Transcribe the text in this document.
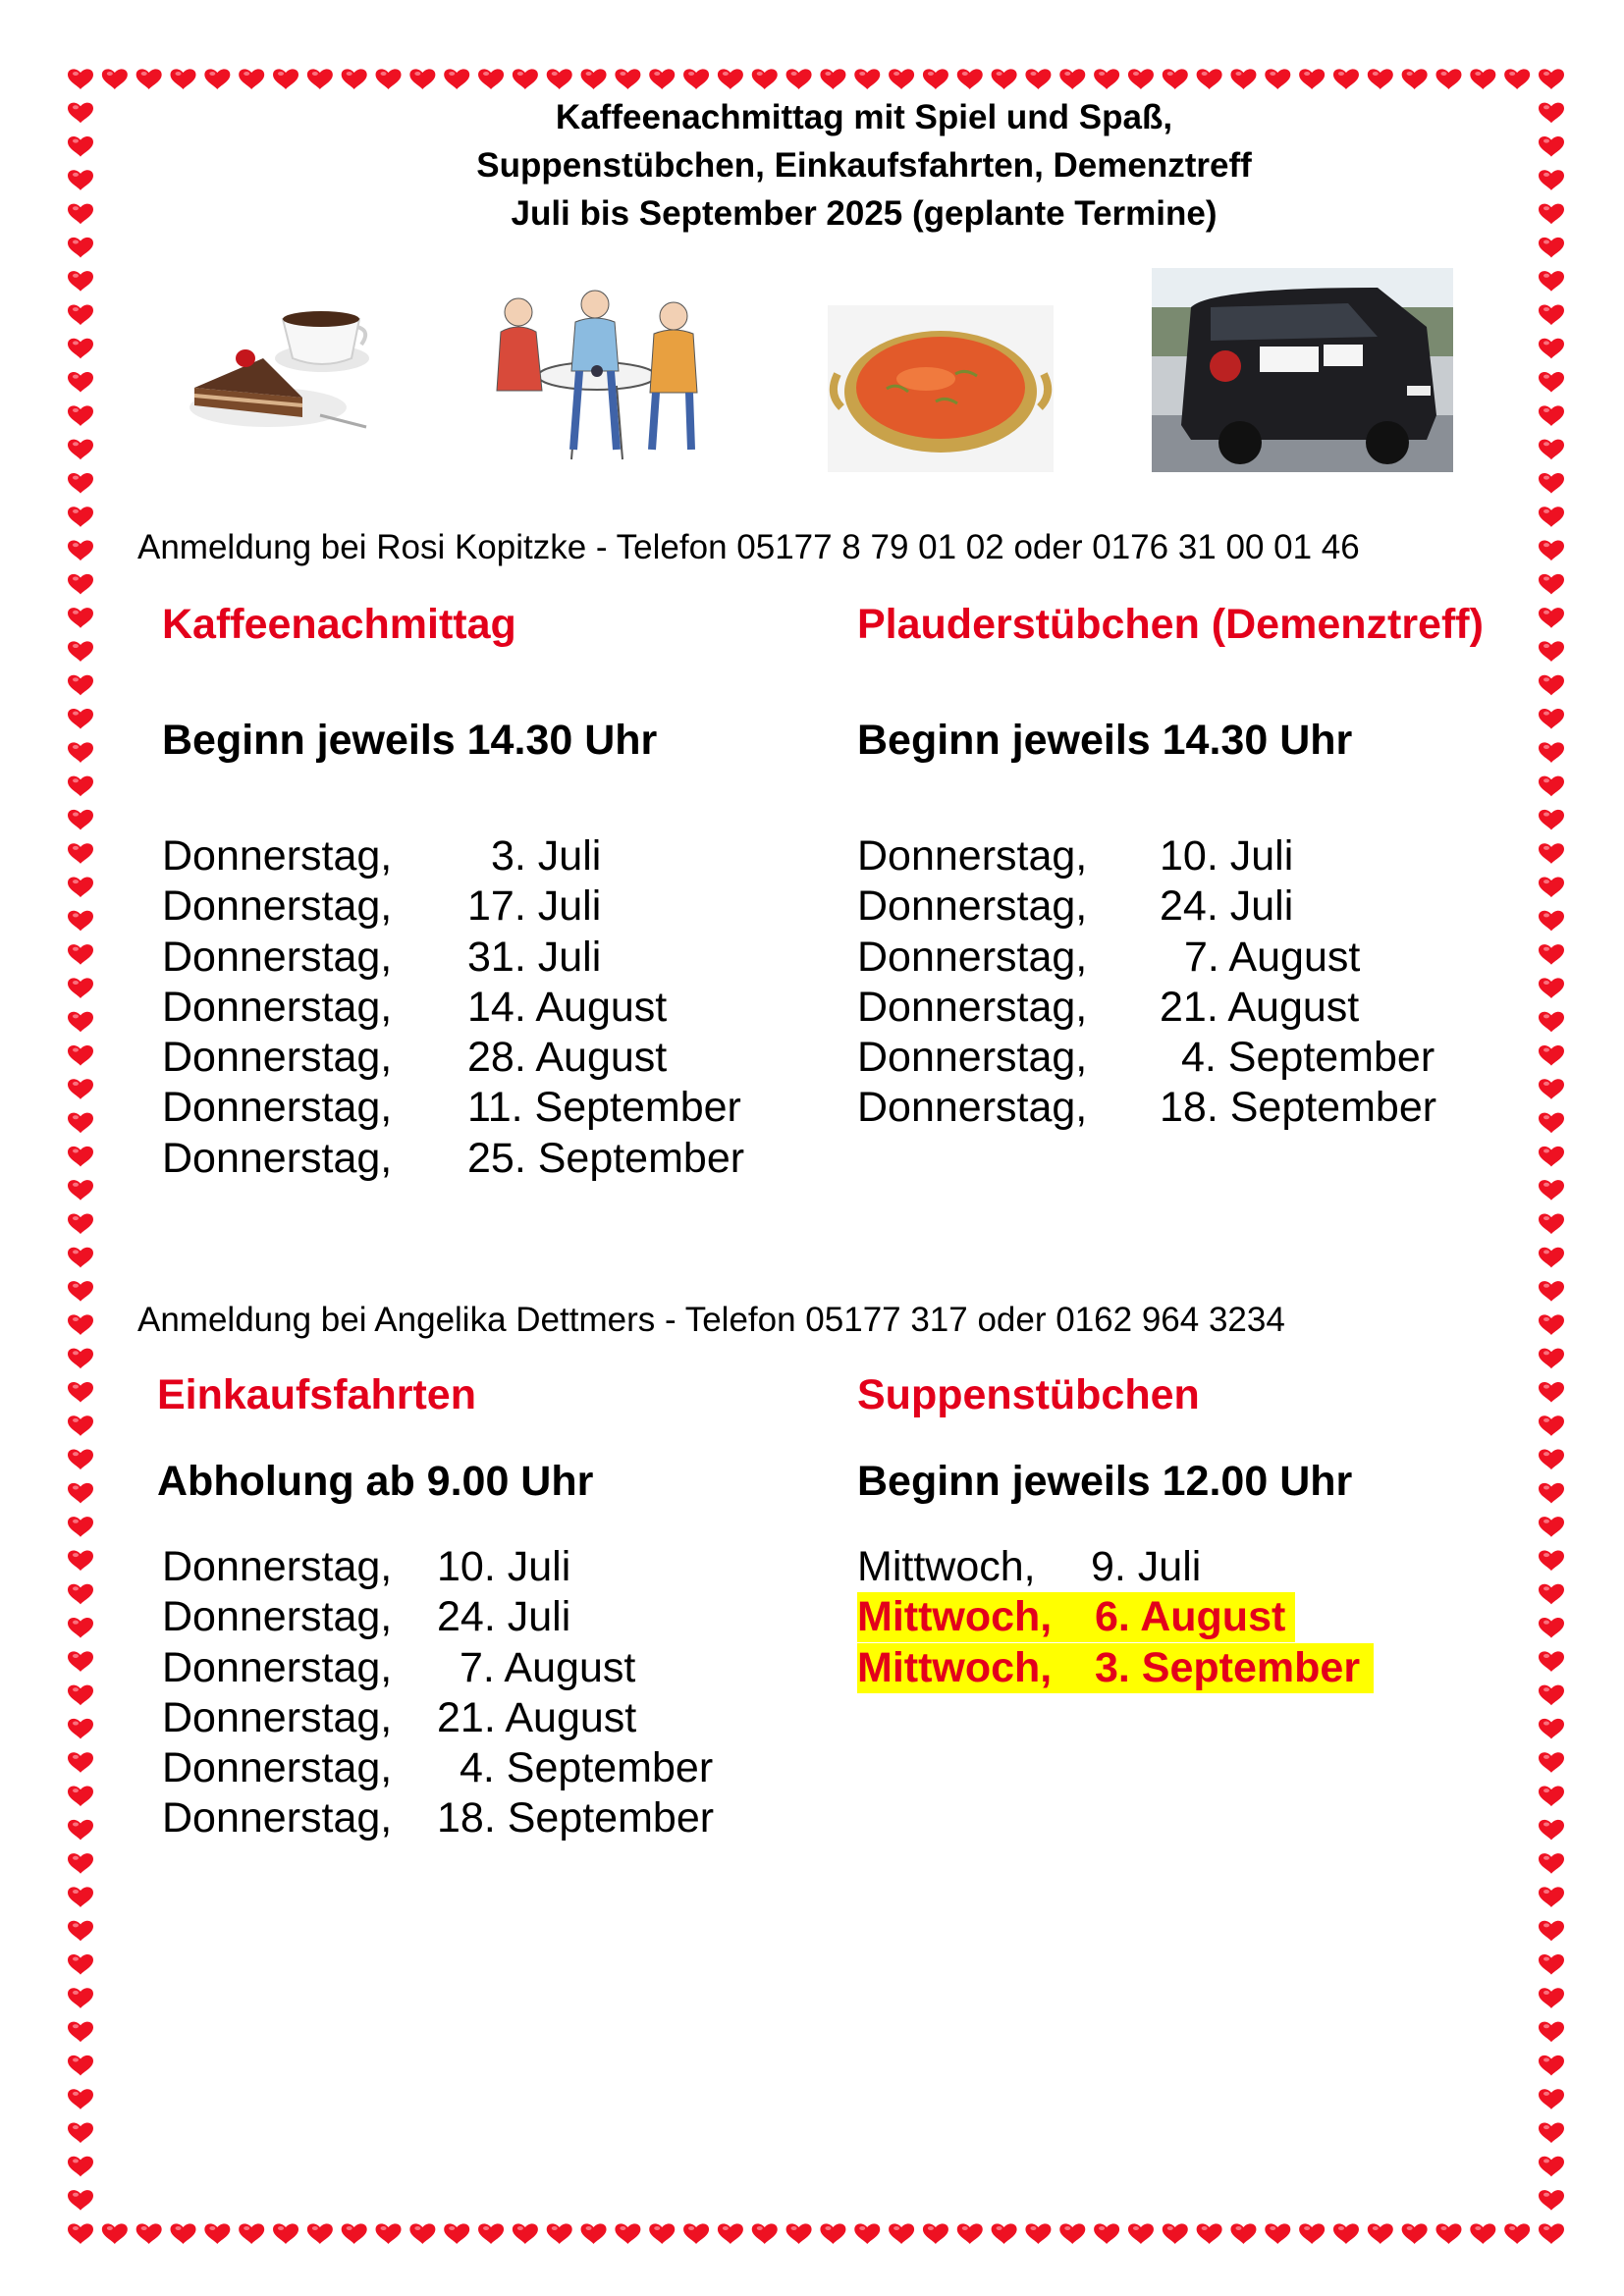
Kaffeenachmittag mit Spiel und Spaß,
Suppenstübchen, Einkaufsfahrten, Demenztreff
Juli bis September 2025 (geplante Termine)
Anmeldung bei Rosi Kopitzke - Telefon 05177 8 79 01 02 oder 0176 31 00 01 46
Kaffeenachmittag
Beginn jeweils 14.30 Uhr
Donnerstag, 3. Juli
Donnerstag, 17. Juli
Donnerstag, 31. Juli
Donnerstag, 14. August
Donnerstag, 28. August
Donnerstag, 11. September
Donnerstag, 25. September
Plauderstübchen (Demenztreff)
Beginn jeweils 14.30 Uhr
Donnerstag, 10. Juli
Donnerstag, 24. Juli
Donnerstag, 7. August
Donnerstag, 21. August
Donnerstag, 4. September
Donnerstag, 18. September
Anmeldung bei Angelika Dettmers - Telefon 05177 317 oder 0162 964 3234
Einkaufsfahrten
Abholung ab 9.00 Uhr
Donnerstag, 10. Juli
Donnerstag, 24. Juli
Donnerstag, 7. August
Donnerstag, 21. August
Donnerstag, 4. September
Donnerstag, 18. September
Suppenstübchen
Beginn jeweils 12.00 Uhr
Mittwoch, 9. Juli
Mittwoch, 6. August
Mittwoch, 3. September
